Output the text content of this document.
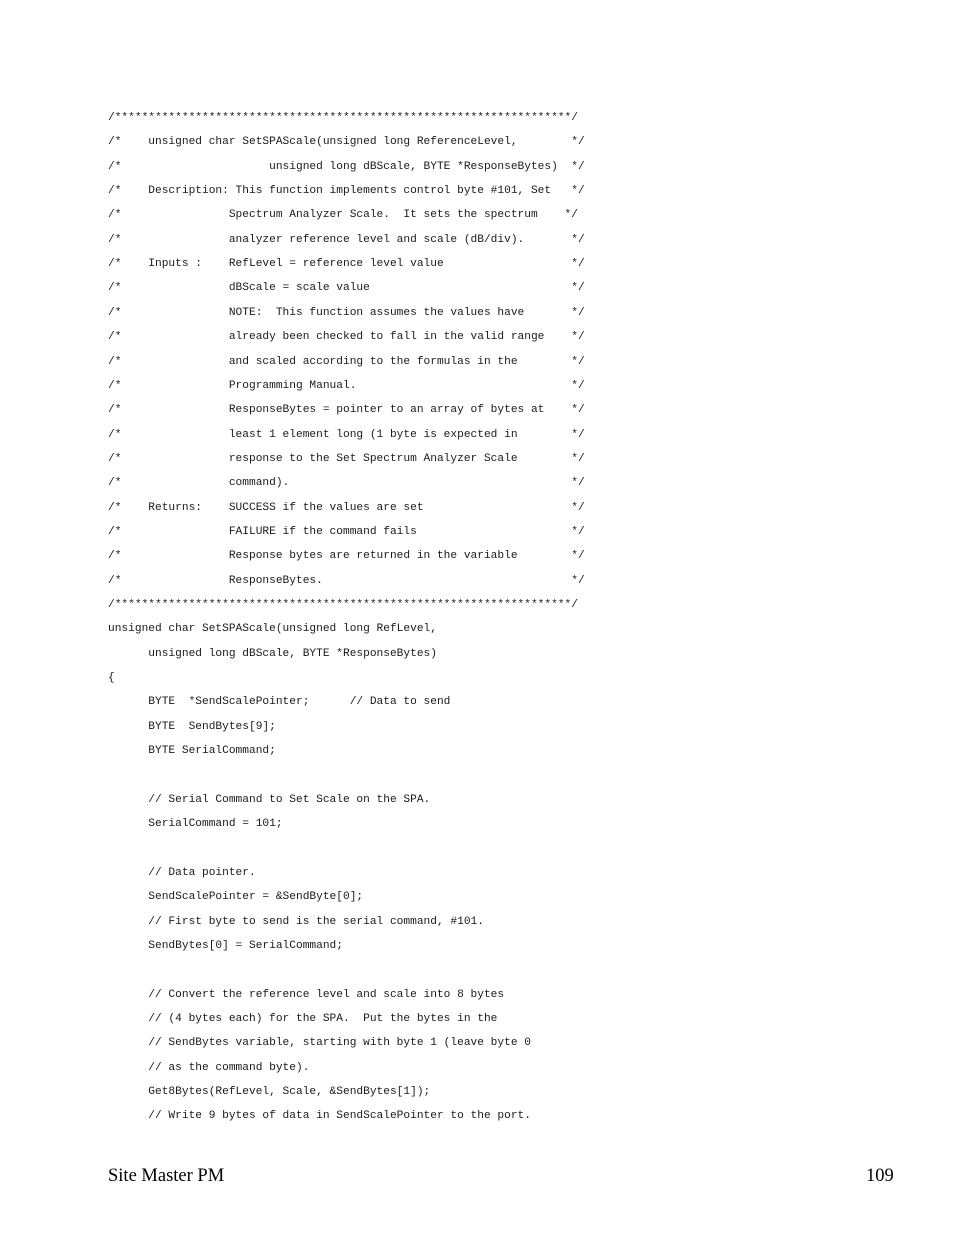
/********************************************************************/
/*    unsigned char SetSPAScale(unsigned long ReferenceLevel,        */
/*                      unsigned long dBScale, BYTE *ResponseBytes)  */
/*    Description: This function implements control byte #101, Set   */
/*                Spectrum Analyzer Scale.  It sets the spectrum    */
/*                analyzer reference level and scale (dB/div).       */
/*    Inputs :    RefLevel = reference level value                   */
/*                dBScale = scale value                              */
/*                NOTE:  This function assumes the values have       */
/*                already been checked to fall in the valid range    */
/*                and scaled according to the formulas in the        */
/*                Programming Manual.                                */
/*                ResponseBytes = pointer to an array of bytes at    */
/*                least 1 element long (1 byte is expected in        */
/*                response to the Set Spectrum Analyzer Scale        */
/*                command).                                          */
/*    Returns:    SUCCESS if the values are set                      */
/*                FAILURE if the command fails                       */
/*                Response bytes are returned in the variable        */
/*                ResponseBytes.                                     */
/********************************************************************/
unsigned char SetSPAScale(unsigned long RefLevel,
unsigned long dBScale, BYTE *ResponseBytes)
{
BYTE  *SendScalePointer;      // Data to send
BYTE  SendBytes[9];
BYTE SerialCommand;
// Serial Command to Set Scale on the SPA.
SerialCommand = 101;
// Data pointer.
SendScalePointer = &SendByte[0];
// First byte to send is the serial command, #101.
SendBytes[0] = SerialCommand;
// Convert the reference level and scale into 8 bytes
// (4 bytes each) for the SPA.  Put the bytes in the
// SendBytes variable, starting with byte 1 (leave byte 0
// as the command byte).
Get8Bytes(RefLevel, Scale, &SendBytes[1]);
// Write 9 bytes of data in SendScalePointer to the port.
Site Master PM	109
